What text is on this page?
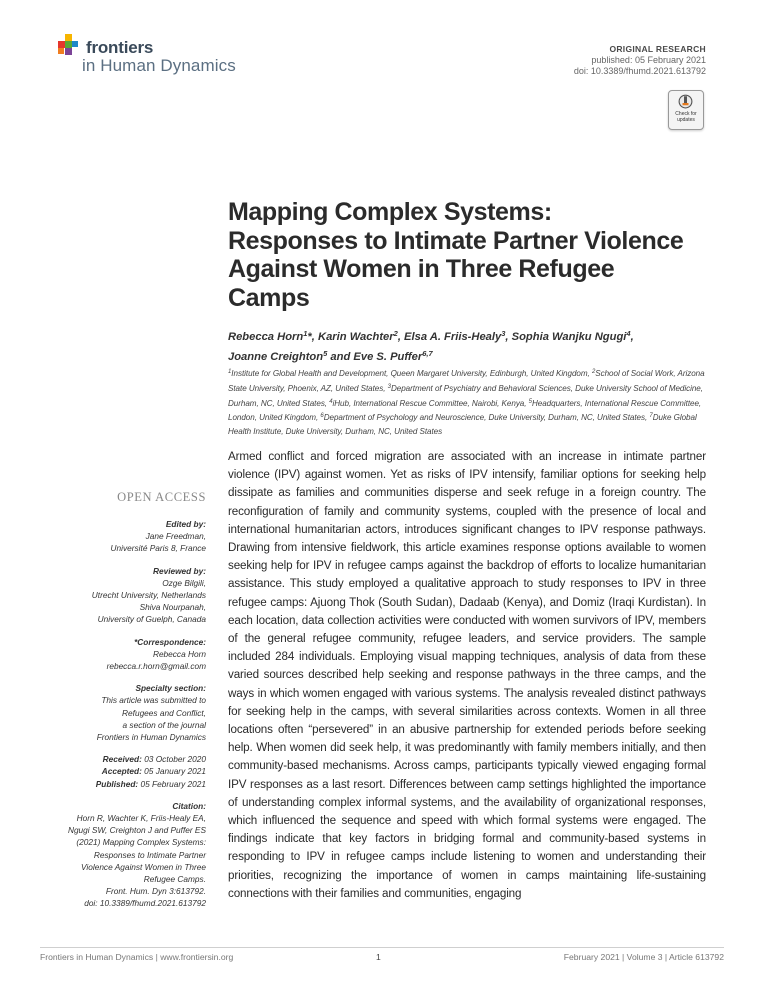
frontiers
in Human Dynamics
ORIGINAL RESEARCH
published: 05 February 2021
doi: 10.3389/fhumd.2021.613792
Check for updates
Mapping Complex Systems: Responses to Intimate Partner Violence Against Women in Three Refugee Camps
Rebecca Horn$^1$*, Karin Wachter$^2$, Elsa A. Friis-Healy$^3$, Sophia Wanjku Ngugi$^4$,
Joanne Creighton$^5$ and Eve S. Puffer$^{6,7}$
$^1$Institute for Global Health and Development, Queen Margaret University, Edinburgh, United Kingdom, $^2$School of Social Work, Arizona State University, Phoenix, AZ, United States, $^3$Department of Psychiatry and Behavioral Sciences, Duke University School of Medicine, Durham, NC, United States, $^4$iHub, International Rescue Committee, Nairobi, Kenya, $^5$Headquarters, International Rescue Committee, London, United Kingdom, $^6$Department of Psychology and Neuroscience, Duke University, Durham, NC, United States, $^7$Duke Global Health Institute, Duke University, Durham, NC, United States
Armed conflict and forced migration are associated with an increase in intimate partner violence (IPV) against women. Yet as risks of IPV intensify, familiar options for seeking help dissipate as families and communities disperse and seek refuge in a foreign country. The reconfiguration of family and community systems, coupled with the presence of local and international humanitarian actors, introduces significant changes to IPV response pathways. Drawing from intensive fieldwork, this article examines response options available to women seeking help for IPV in refugee camps against the backdrop of efforts to localize humanitarian assistance. This study employed a qualitative approach to study responses to IPV in three refugee camps: Ajuong Thok (South Sudan), Dadaab (Kenya), and Domiz (Iraqi Kurdistan). In each location, data collection activities were conducted with women survivors of IPV, members of the general refugee community, refugee leaders, and service providers. The sample included 284 individuals. Employing visual mapping techniques, analysis of data from these varied sources described help seeking and response pathways in the three camps, and the ways in which women engaged with various systems. The analysis revealed distinct pathways for seeking help in the camps, with several similarities across contexts. Women in all three locations often “persevered” in an abusive partnership for extended periods before seeking help. When women did seek help, it was predominantly with family members initially, and then community-based mechanisms. Across camps, participants typically viewed engaging formal IPV responses as a last resort. Differences between camp settings highlighted the importance of understanding complex informal systems, and the availability of organizational responses, which influenced the sequence and speed with which formal systems were engaged. The findings indicate that key factors in bridging formal and community-based systems in responding to IPV in refugee camps include listening to women and understanding their priorities, recognizing the importance of women in camps maintaining life-sustaining connections with their families and communities, engaging
OPEN ACCESS
Edited by:
Jane Freedman,
Université Paris 8, France
Reviewed by:
Ozge Bilgili,
Utrecht University, Netherlands
Shiva Nourpanah,
University of Guelph, Canada
*Correspondence:
Rebecca Horn
rebecca.r.horn@gmail.com
Specialty section:
This article was submitted to
Refugees and Conflict,
a section of the journal
Frontiers in Human Dynamics
Received: 03 October 2020
Accepted: 05 January 2021
Published: 05 February 2021
Citation:
Horn R, Wachter K, Friis-Healy EA,
Ngugi SW, Creighton J and Puffer ES
(2021) Mapping Complex Systems:
Responses to Intimate Partner
Violence Against Women in Three
Refugee Camps.
Front. Hum. Dyn 3:613792.
doi: 10.3389/fhumd.2021.613792
Frontiers in Human Dynamics | www.frontiersin.org	1	February 2021 | Volume 3 | Article 613792
